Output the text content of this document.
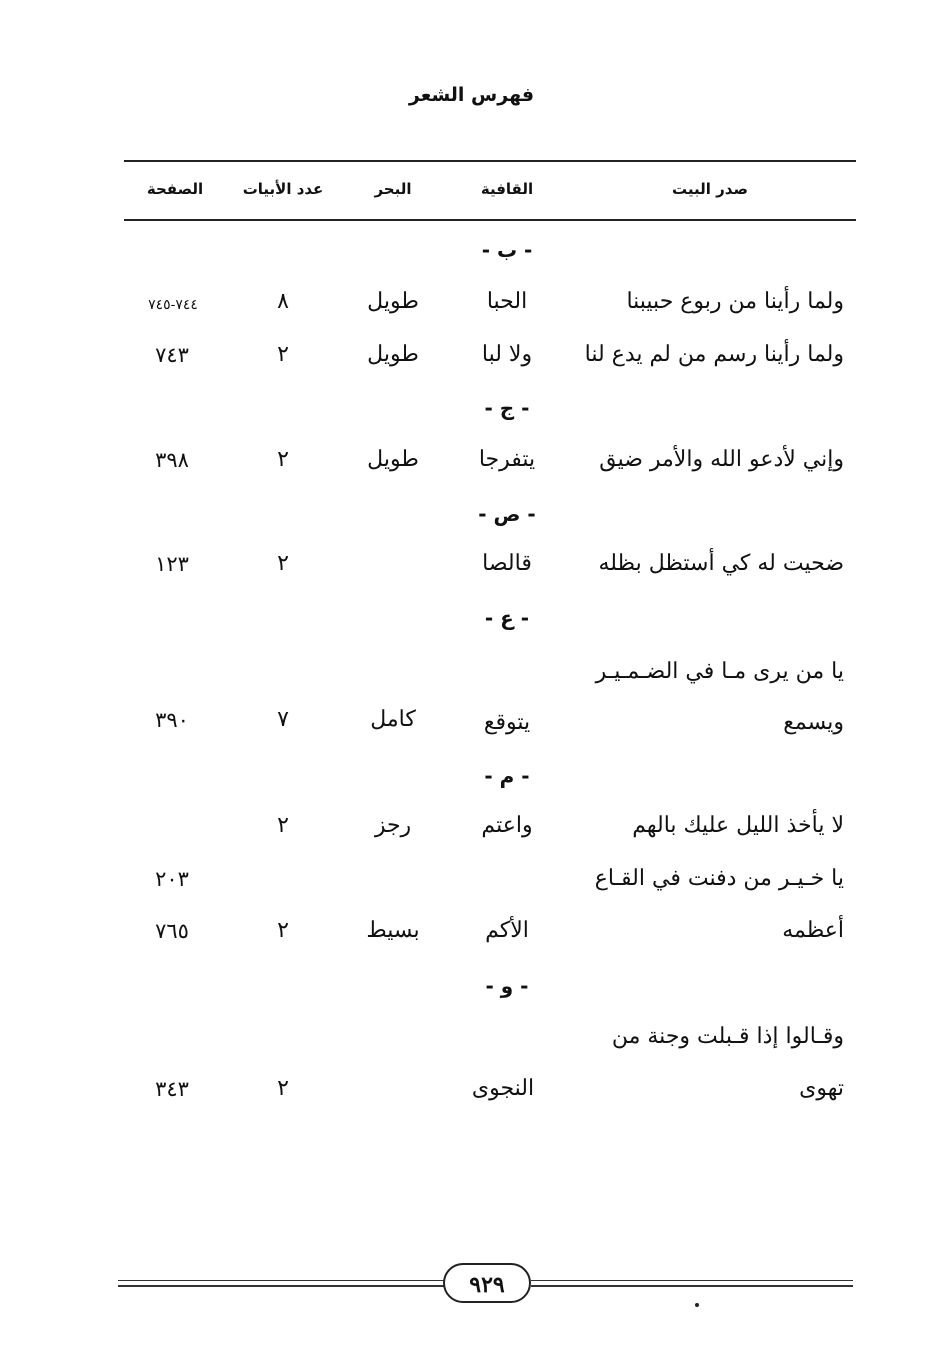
فهرس الشعر
صدر البيت
القافية
البحر
عدد الأبيات
الصفحة
- ب -
ولما رأينا من ربوع حبيبنا
الحبا
طويل
٨
٧٤٤-٧٤٥
ولما رأينا رسم من لم يدع لنا
ولا لبا
طويل
٢
٧٤٣
- ج -
وإني لأدعو الله والأمر ضيق
يتفرجا
طويل
٢
٣٩٨
- ص -
ضحيت له كي أستظل بظله
قالصا
٢
١٢٣
- ع -
يا من يرى مـا في الضـمـيـر
ويسمع
يتوقع
كامل
٧
٣٩٠
- م -
لا يأخذ الليل عليك بالهم
واعتم
رجز
٢
٢٠٣	يا خـيـر من دفنت في القـاع
أعظمه
الأكم
بسيط
٢
٧٦٥
- و -
وقـالوا إذا قـبلت وجنة من
تهوى
النجوى
٢
٣٤٣
٩٢٩
